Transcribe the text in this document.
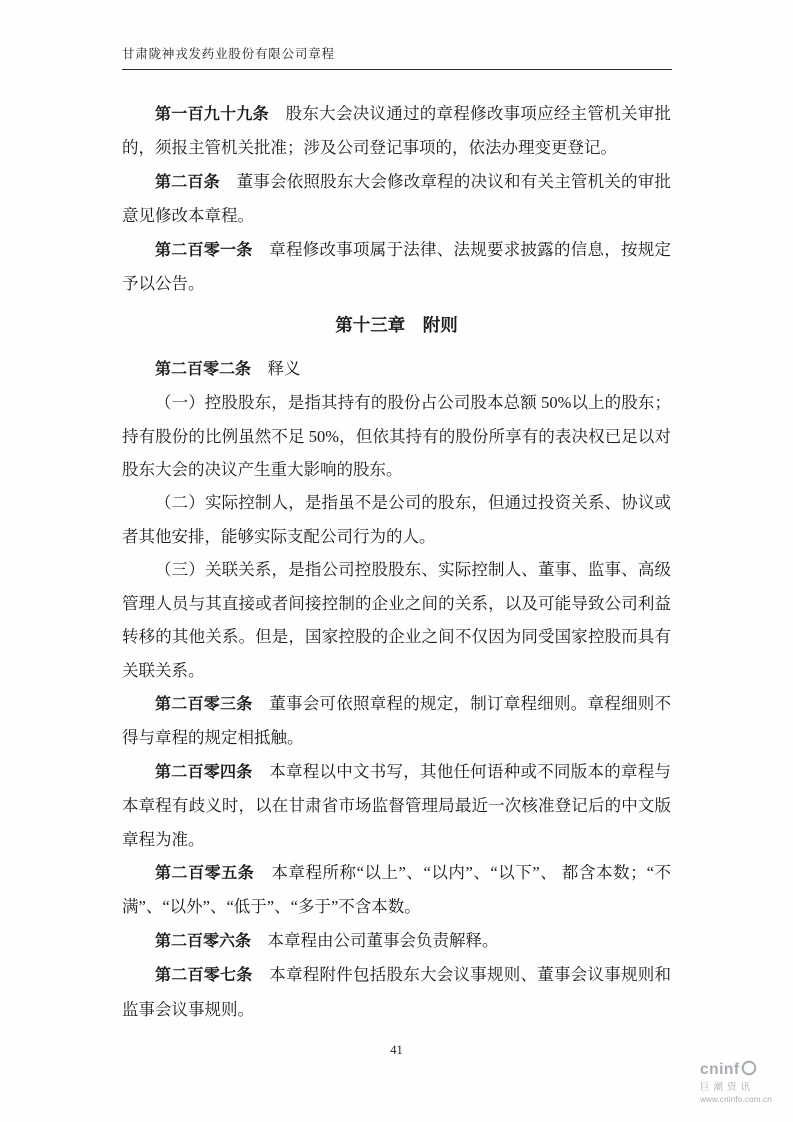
甘肃陇神戎发药业股份有限公司章程

第一百九十九条　股东大会决议通过的章程修改事项应经主管机关审批的，须报主管机关批准；涉及公司登记事项的，依法办理变更登记。

第二百条　董事会依照股东大会修改章程的决议和有关主管机关的审批意见修改本章程。

第二百零一条　章程修改事项属于法律、法规要求披露的信息，按规定予以公告。

第十三章　附则

第二百零二条　释义

（一）控股股东，是指其持有的股份占公司股本总额 50%以上的股东；持有股份的比例虽然不足 50%，但依其持有的股份所享有的表决权已足以对股东大会的决议产生重大影响的股东。

（二）实际控制人，是指虽不是公司的股东，但通过投资关系、协议或者其他安排，能够实际支配公司行为的人。

（三）关联关系，是指公司控股股东、实际控制人、董事、监事、高级管理人员与其直接或者间接控制的企业之间的关系，以及可能导致公司利益转移的其他关系。但是，国家控股的企业之间不仅因为同受国家控股而具有关联关系。

第二百零三条　董事会可依照章程的规定，制订章程细则。章程细则不得与章程的规定相抵触。

第二百零四条　本章程以中文书写，其他任何语种或不同版本的章程与本章程有歧义时，以在甘肃省市场监督管理局最近一次核准登记后的中文版章程为准。

第二百零五条　本章程所称“以上”、“以内”、“以下”、 都含本数；“不满”、“以外”、“低于”、“多于”不含本数。

第二百零六条　本章程由公司董事会负责解释。

第二百零七条　本章程附件包括股东大会议事规则、董事会议事规则和监事会议事规则。

41
cninf
巨潮资讯
www.cninfo.com.cn
